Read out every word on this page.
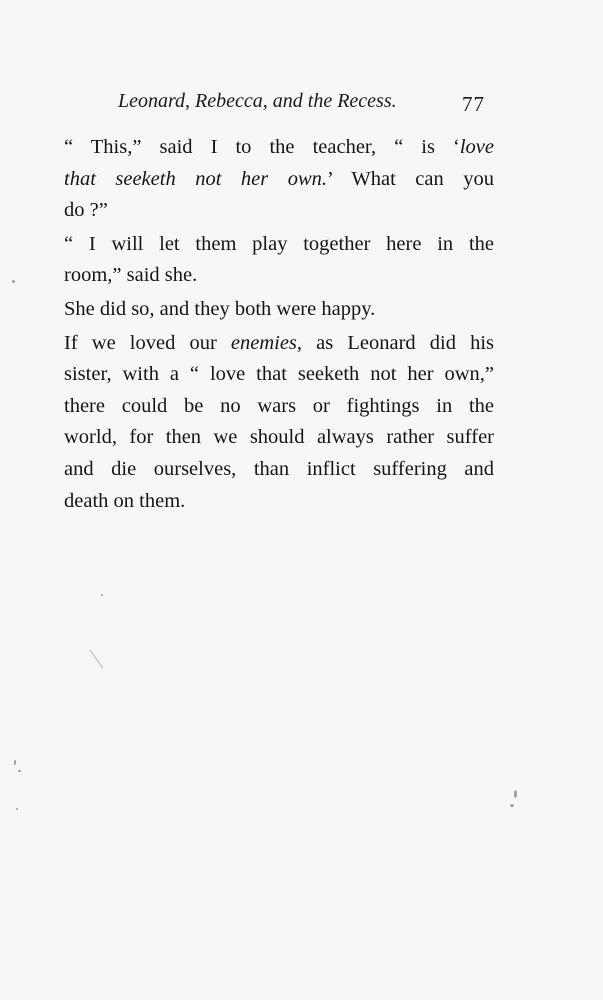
Leonard, Rebecca, and the Recess.	77
“ This,” said I to the teacher, “ is ‘love
that seeketh not her own.’ What can you
do ?”
“ I will let them play together here in the
room,” said she.
She did so, and they both were happy.
If we loved our enemies, as Leonard did his
sister, with a “ love that seeketh not her own,”
there could be no wars or fightings in the
world, for then we should always rather suffer
and die ourselves, than inflict suffering and
death on them.
